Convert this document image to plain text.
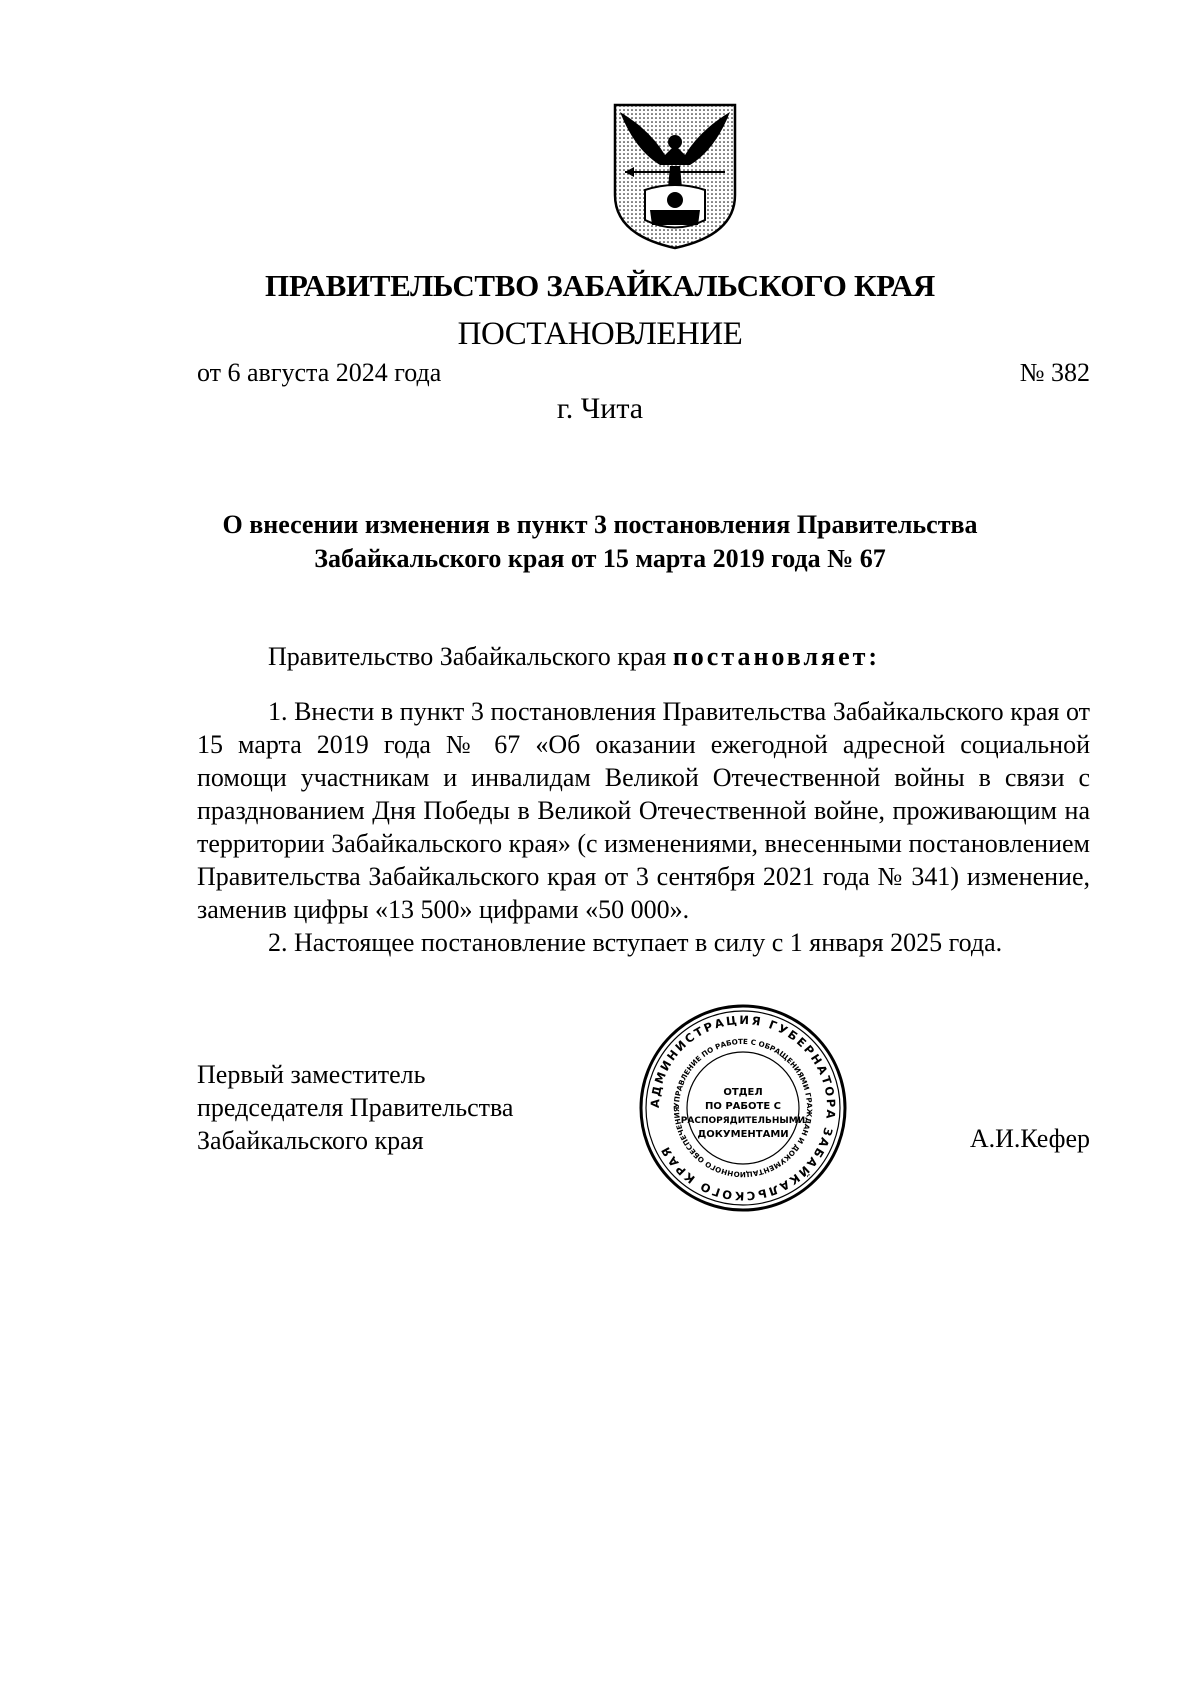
ПРАВИТЕЛЬСТВО ЗАБАЙКАЛЬСКОГО КРАЯ
ПОСТАНОВЛЕНИЕ
от 6 августа 2024 года	№ 382
г. Чита
О внесении изменения в пункт 3 постановления Правительства
Забайкальского края от 15 марта 2019 года № 67
Правительство Забайкальского края постановляет:
1. Внести в пункт 3 постановления Правительства Забайкальского края от 15 марта 2019 года № 67 «Об оказании ежегодной адресной социальной помощи участникам и инвалидам Великой Отечественной войны в связи с празднованием Дня Победы в Великой Отечественной войне, проживающим на территории Забайкальского края» (с изменениями, внесенными постановлением Правительства Забайкальского края от 3 сентября 2021 года № 341) изменение, заменив цифры «13 500» цифрами «50 000».
2. Настоящее постановление вступает в силу с 1 января 2025 года.
Первый заместитель
председателя Правительства
Забайкальского края	А.И.Кефер
АДМИНИСТРАЦИЯ ГУБЕРНАТОРА ЗАБАЙКАЛЬСКОГО КРАЯ
УПРАВЛЕНИЕ ПО РАБОТЕ С ОБРАЩЕНИЯМИ ГРАЖДАН И ДОКУМЕНТАЦИОННОГО ОБЕСПЕЧЕНИЯ
ОТДЕЛ
ПО РАБОТЕ С
РАСПОРЯДИТЕЛЬНЫМИ
ДОКУМЕНТАМИ
